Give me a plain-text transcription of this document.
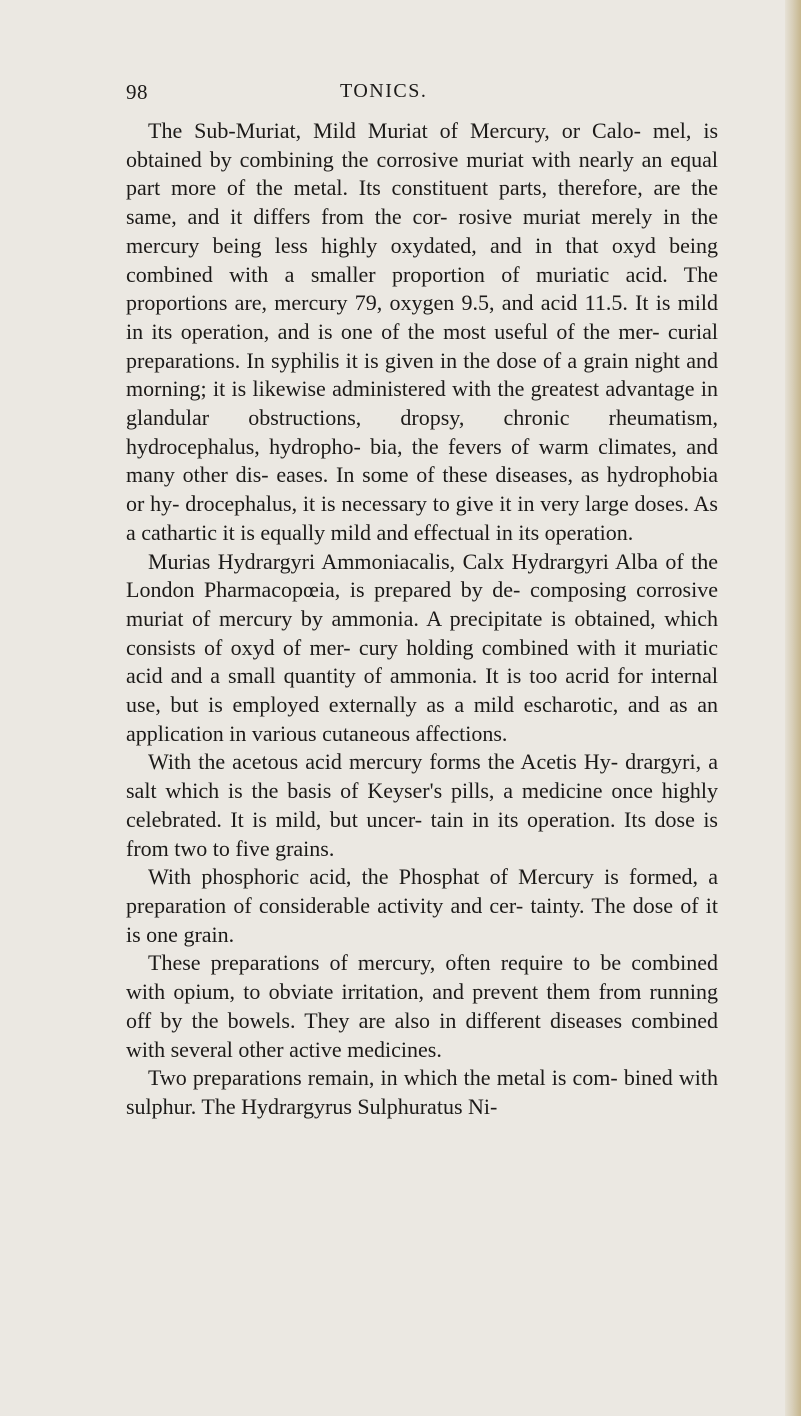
98	TONICS.

The Sub-Muriat, Mild Muriat of Mercury, or Calo- mel, is obtained by combining the corrosive muriat with nearly an equal part more of the metal. Its constituent parts, therefore, are the same, and it differs from the cor- rosive muriat merely in the mercury being less highly oxydated, and in that oxyd being combined with a smaller proportion of muriatic acid. The proportions are, mercury 79, oxygen 9.5, and acid 11.5. It is mild in its operation, and is one of the most useful of the mer- curial preparations. In syphilis it is given in the dose of a grain night and morning; it is likewise administered with the greatest advantage in glandular obstructions, dropsy, chronic rheumatism, hydrocephalus, hydropho- bia, the fevers of warm climates, and many other dis- eases. In some of these diseases, as hydrophobia or hy- drocephalus, it is necessary to give it in very large doses. As a cathartic it is equally mild and effectual in its operation.

Murias Hydrargyri Ammoniacalis, Calx Hydrargyri Alba of the London Pharmacopœia, is prepared by de- composing corrosive muriat of mercury by ammonia. A precipitate is obtained, which consists of oxyd of mer- cury holding combined with it muriatic acid and a small quantity of ammonia. It is too acrid for internal use, but is employed externally as a mild escharotic, and as an application in various cutaneous affections.

With the acetous acid mercury forms the Acetis Hy- drargyri, a salt which is the basis of Keyser's pills, a medicine once highly celebrated. It is mild, but uncer- tain in its operation. Its dose is from two to five grains.

With phosphoric acid, the Phosphat of Mercury is formed, a preparation of considerable activity and cer- tainty. The dose of it is one grain.

These preparations of mercury, often require to be combined with opium, to obviate irritation, and prevent them from running off by the bowels. They are also in different diseases combined with several other active medicines.

Two preparations remain, in which the metal is com- bined with sulphur. The Hydrargyrus Sulphuratus Ni-
